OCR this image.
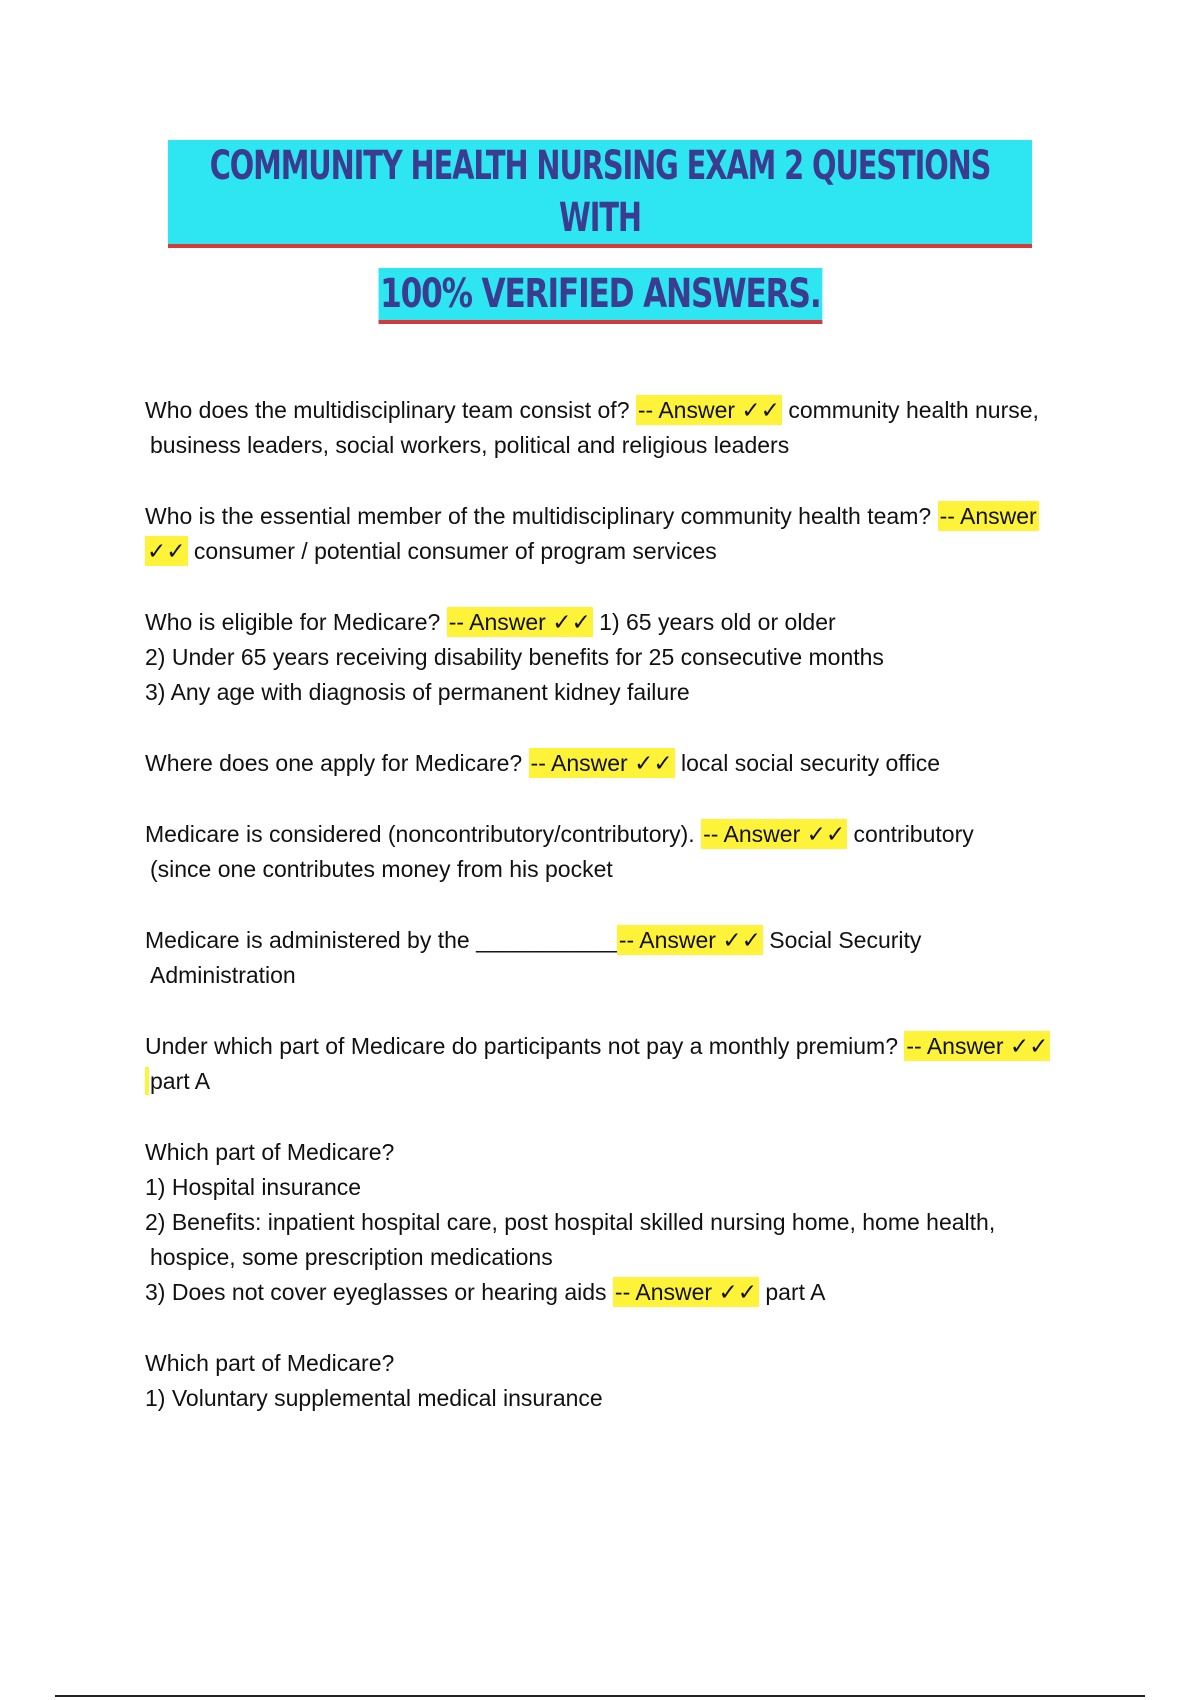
COMMUNITY HEALTH NURSING EXAM 2 QUESTIONS WITH
100% VERIFIED ANSWERS.

Who does the multidisciplinary team consist of? -- Answer ✓✓ community health nurse,

business leaders, social workers, political and religious leaders

Who is the essential member of the multidisciplinary community health team? -- Answer

✓✓ consumer / potential consumer of program services

Who is eligible for Medicare? -- Answer ✓✓ 1) 65 years old or older

2) Under 65 years receiving disability benefits for 25 consecutive months

3) Any age with diagnosis of permanent kidney failure

Where does one apply for Medicare? -- Answer ✓✓ local social security office

Medicare is considered (noncontributory/contributory). -- Answer ✓✓ contributory

(since one contributes money from his pocket

Medicare is administered by the ___________-- Answer ✓✓ Social Security

Administration

Under which part of Medicare do participants not pay a monthly premium? -- Answer ✓✓

part A

Which part of Medicare?

1) Hospital insurance

2) Benefits: inpatient hospital care, post hospital skilled nursing home, home health,

hospice, some prescription medications

3) Does not cover eyeglasses or hearing aids -- Answer ✓✓ part A

Which part of Medicare?

1) Voluntary supplemental medical insurance
